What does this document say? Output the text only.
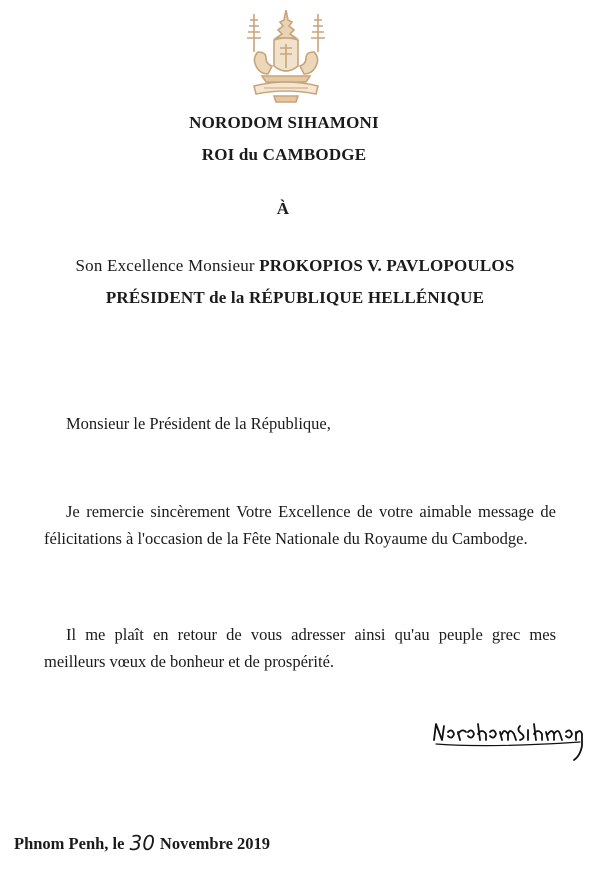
NORODOM SIHAMONI
ROI du CAMBODGE
À
Son Excellence Monsieur PROKOPIOS V. PAVLOPOULOS
PRÉSIDENT de la RÉPUBLIQUE HELLÉNIQUE
Monsieur le Président de la République,
Je remercie sincèrement Votre Excellence de votre aimable message de félicitations à l'occasion de la Fête Nationale du Royaume du Cambodge.
Il me plaît en retour de vous adresser ainsi qu'au peuple grec mes meilleurs vœux de bonheur et de prospérité.
Phnom Penh, le 30 Novembre 2019
